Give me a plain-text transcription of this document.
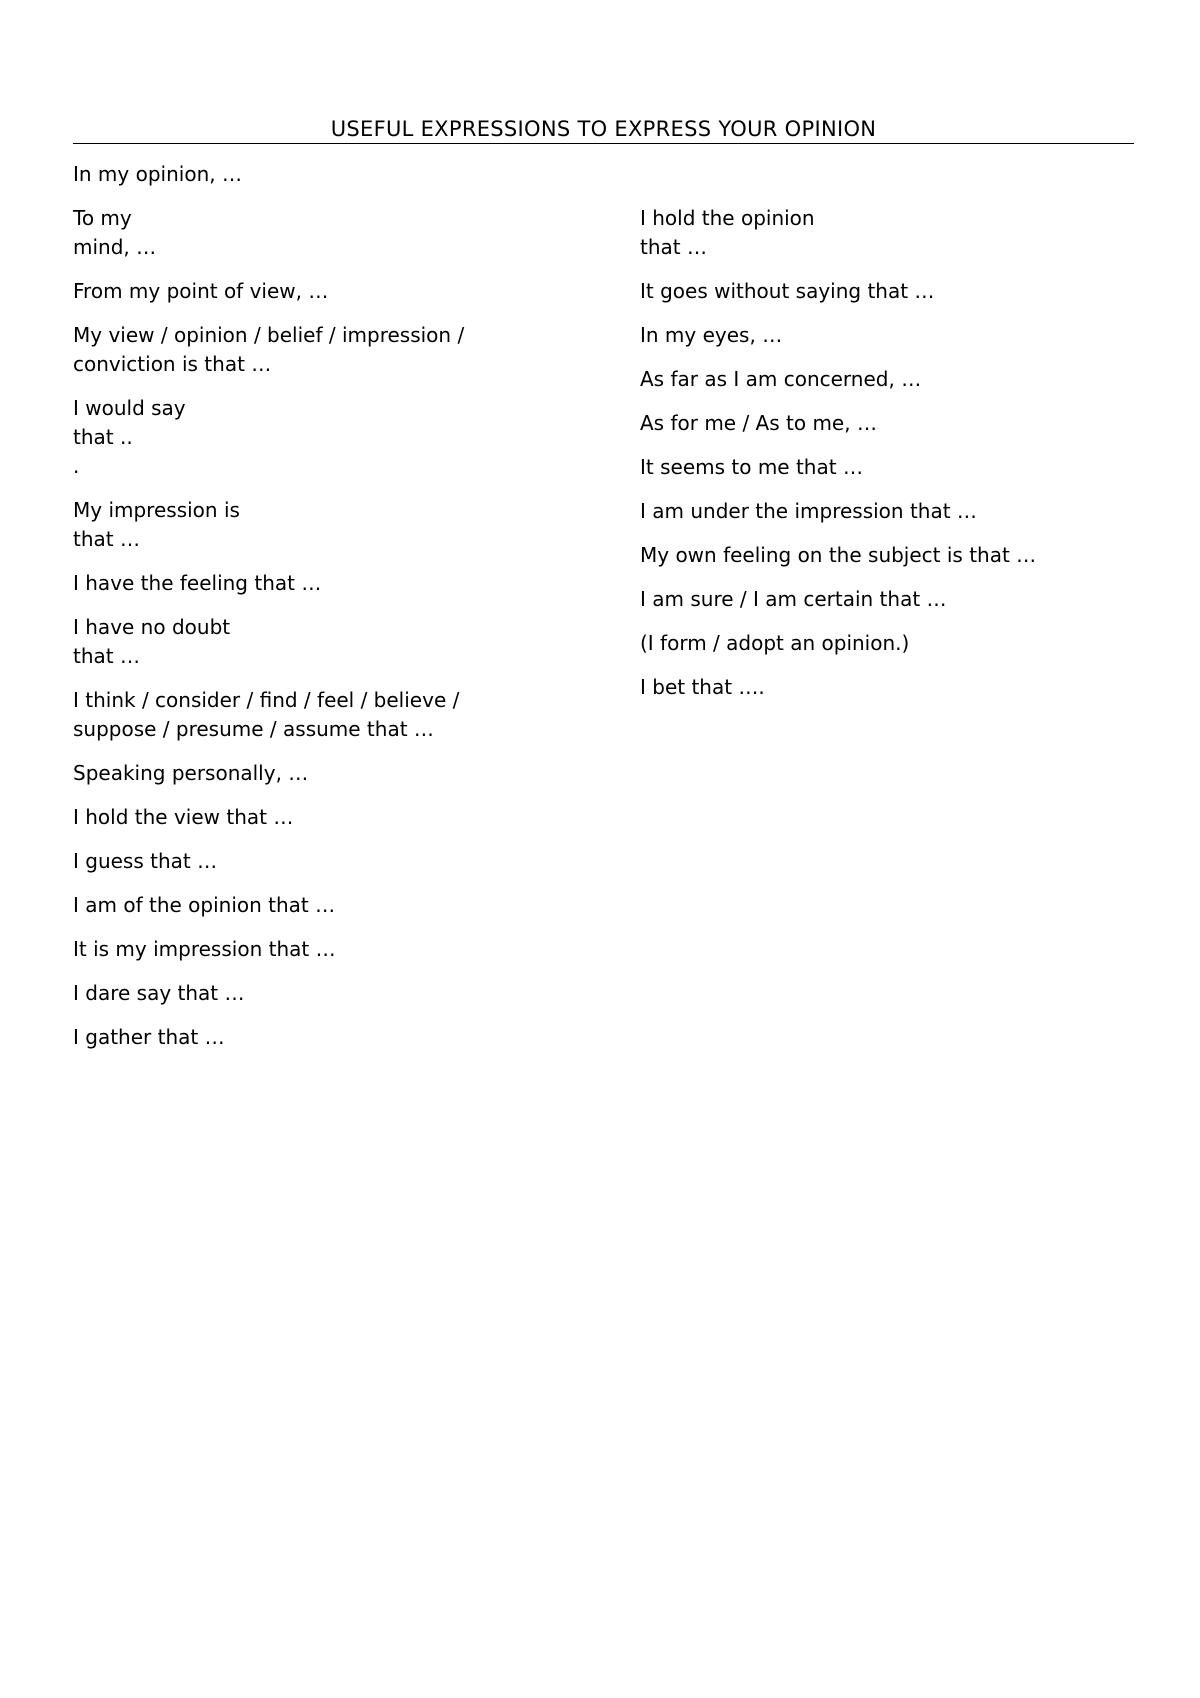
USEFUL EXPRESSIONS TO EXPRESS YOUR OPINION
In my opinion, …
To my
mind, …
From my point of view, …
My view / opinion / belief / impression /
conviction is that …
I would say
that ..
.
My impression is
that …
I have the feeling that …
I have no doubt
that …
I think / consider / find / feel / believe /
suppose / presume / assume that …
Speaking personally, …
I hold the view that …
I guess that …
I am of the opinion that …
It is my impression that …
I dare say that …
I gather that …
I hold the opinion
that …
It goes without saying that …
In my eyes, …
As far as I am concerned, …
As for me / As to me, …
It seems to me that …
I am under the impression that …
My own feeling on the subject is that …
I am sure / I am certain that …
(I form / adopt an opinion.)
I bet that ….
